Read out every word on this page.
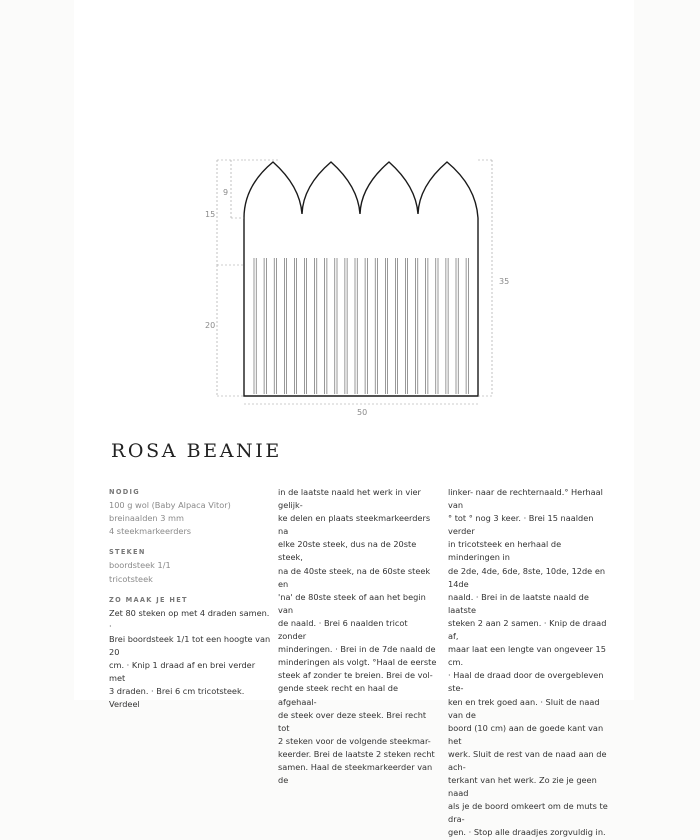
9
15
20
35
50
ROSA BEANIE

NODIG

100 g wol (Baby Alpaca Vitor)

breinaalden 3 mm

4 steekmarkeerders

STEKEN

boordsteek 1/1

tricotsteek

ZO MAAK JE HET

Zet 80 steken op met 4 draden samen. ·

Brei boordsteek 1/1 tot een hoogte van 20

cm. · Knip 1 draad af en brei verder met

3 draden. · Brei 6 cm tricotsteek. Verdeel

in de laatste naald het werk in vier gelijk-

ke delen en plaats steekmarkeerders na

elke 20ste steek, dus na de 20ste steek,

na de 40ste steek, na de 60ste steek en

'na' de 80ste steek of aan het begin van

de naald. · Brei 6 naalden tricot zonder

minderingen. · Brei in de 7de naald de

minderingen als volgt. °Haal de eerste

steek af zonder te breien. Brei de vol-

gende steek recht en haal de afgehaal-

de steek over deze steek. Brei recht tot

2 steken voor de volgende steekmar-

keerder. Brei de laatste 2 steken recht

samen. Haal de steekmarkeerder van de

linker- naar de rechternaald.° Herhaal van

° tot ° nog 3 keer. · Brei 15 naalden verder

in tricotsteek en herhaal de minderingen in

de 2de, 4de, 6de, 8ste, 10de, 12de en 14de

naald. · Brei in de laatste naald de laatste

steken 2 aan 2 samen. · Knip de draad af,

maar laat een lengte van ongeveer 15 cm.

· Haal de draad door de overgebleven ste-

ken en trek goed aan. · Sluit de naad van de

boord (10 cm) aan de goede kant van het

werk. Sluit de rest van de naad aan de ach-

terkant van het werk. Zo zie je geen naad

als je de boord omkeert om de muts te dra-

gen. · Stop alle draadjes zorgvuldig in.
